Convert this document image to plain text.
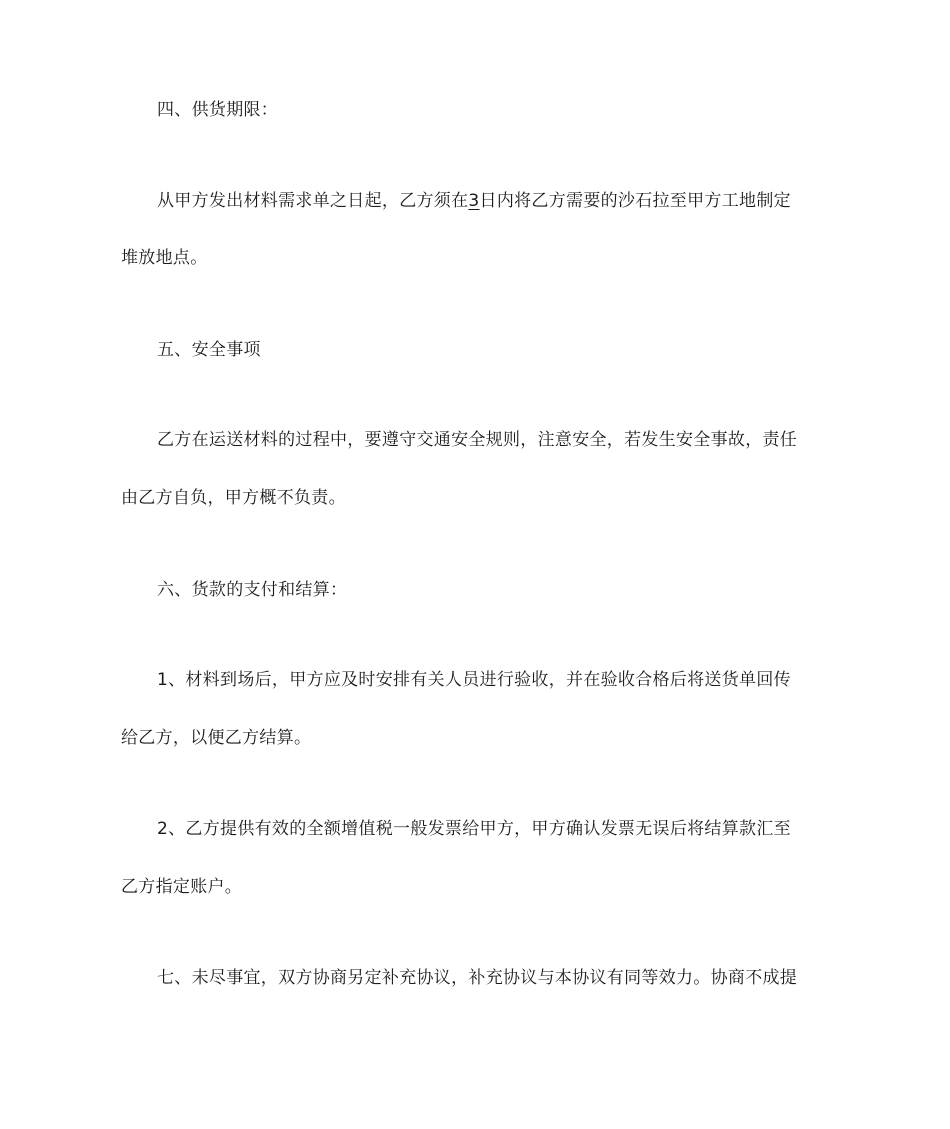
四、供货期限：
从甲方发出材料需求单之日起，乙方须在3日内将乙方需要的沙石拉至甲方工地制定
堆放地点。
五、安全事项
乙方在运送材料的过程中，要遵守交通安全规则，注意安全，若发生安全事故，责任
由乙方自负，甲方概不负责。
六、货款的支付和结算：
1、材料到场后，甲方应及时安排有关人员进行验收，并在验收合格后将送货单回传
给乙方，以便乙方结算。
2、乙方提供有效的全额增值税一般发票给甲方，甲方确认发票无误后将结算款汇至
乙方指定账户。
七、未尽事宜，双方协商另定补充协议，补充协议与本协议有同等效力。协商不成提
